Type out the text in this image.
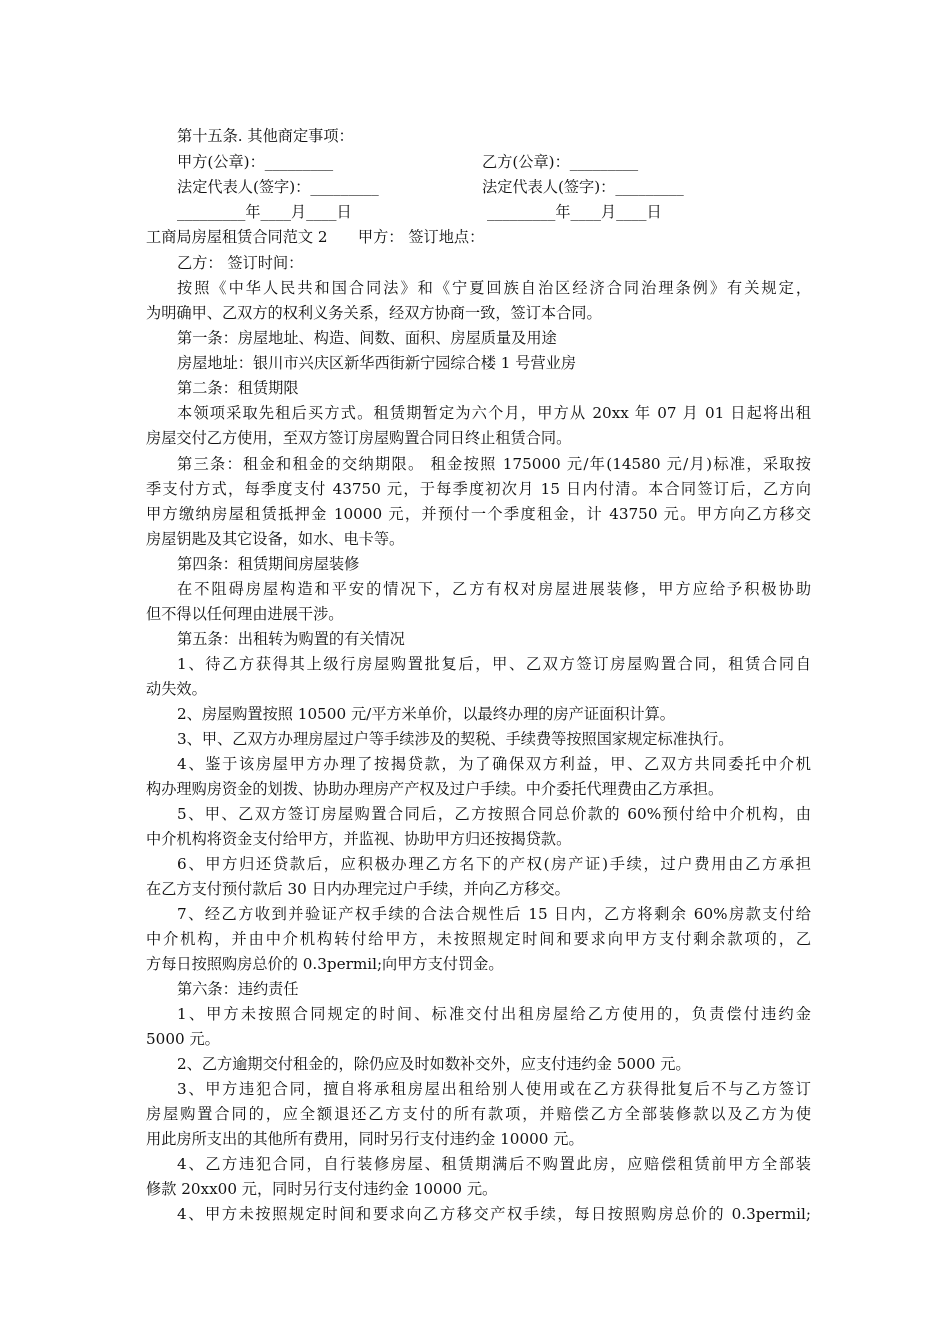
第十五条. 其他商定事项：
甲方(公章)：_________	乙方(公章)：_________
法定代表人(签字)：_________	法定代表人(签字)：_________
_________年____月____日	_________年____月____日
工商局房屋租赁合同范文 2　　甲方： 签订地点：
乙方： 签订时间：
按照《中华人民共和国合同法》和《宁夏回族自治区经济合同治理条例》有关规定，
为明确甲、乙双方的权利义务关系，经双方协商一致，签订本合同。
第一条：房屋地址、构造、间数、面积、房屋质量及用途
房屋地址：银川市兴庆区新华西街新宁园综合楼 1 号营业房
第二条：租赁期限
本领项采取先租后买方式。租赁期暂定为六个月，甲方从 20xx 年 07 月 01 日起将出租
房屋交付乙方使用，至双方签订房屋购置合同日终止租赁合同。
第三条：租金和租金的交纳期限。 租金按照 175000 元/年(14580 元/月)标准，采取按
季支付方式，每季度支付 43750 元，于每季度初次月 15 日内付清。本合同签订后，乙方向
甲方缴纳房屋租赁抵押金 10000 元，并预付一个季度租金，计 43750 元。甲方向乙方移交
房屋钥匙及其它设备，如水、电卡等。
第四条：租赁期间房屋装修
在不阻碍房屋构造和平安的情况下，乙方有权对房屋进展装修，甲方应给予积极协助
但不得以任何理由进展干涉。
第五条：出租转为购置的有关情况
1、待乙方获得其上级行房屋购置批复后，甲、乙双方签订房屋购置合同，租赁合同自
动失效。
2、房屋购置按照 10500 元/平方米单价，以最终办理的房产证面积计算。
3、甲、乙双方办理房屋过户等手续涉及的契税、手续费等按照国家规定标准执行。
4、鉴于该房屋甲方办理了按揭贷款，为了确保双方利益，甲、乙双方共同委托中介机
构办理购房资金的划拨、协助办理房产产权及过户手续。中介委托代理费由乙方承担。
5、甲、乙双方签订房屋购置合同后，乙方按照合同总价款的 60%预付给中介机构，由
中介机构将资金支付给甲方，并监视、协助甲方归还按揭贷款。
6、甲方归还贷款后，应积极办理乙方名下的产权(房产证)手续，过户费用由乙方承担
在乙方支付预付款后 30 日内办理完过户手续，并向乙方移交。
7、经乙方收到并验证产权手续的合法合规性后 15 日内，乙方将剩余 60%房款支付给
中介机构，并由中介机构转付给甲方，未按照规定时间和要求向甲方支付剩余款项的，乙
方每日按照购房总价的 0.3permil;向甲方支付罚金。
第六条：违约责任
1、甲方未按照合同规定的时间、标准交付出租房屋给乙方使用的，负责偿付违约金
5000 元。
2、乙方逾期交付租金的，除仍应及时如数补交外，应支付违约金 5000 元。
3、甲方违犯合同，擅自将承租房屋出租给别人使用或在乙方获得批复后不与乙方签订
房屋购置合同的，应全额退还乙方支付的所有款项，并赔偿乙方全部装修款以及乙方为使
用此房所支出的其他所有费用，同时另行支付违约金 10000 元。
4、乙方违犯合同，自行装修房屋、租赁期满后不购置此房，应赔偿租赁前甲方全部装
修款 20xx00 元，同时另行支付违约金 10000 元。
4、甲方未按照规定时间和要求向乙方移交产权手续，每日按照购房总价的 0.3permil;
